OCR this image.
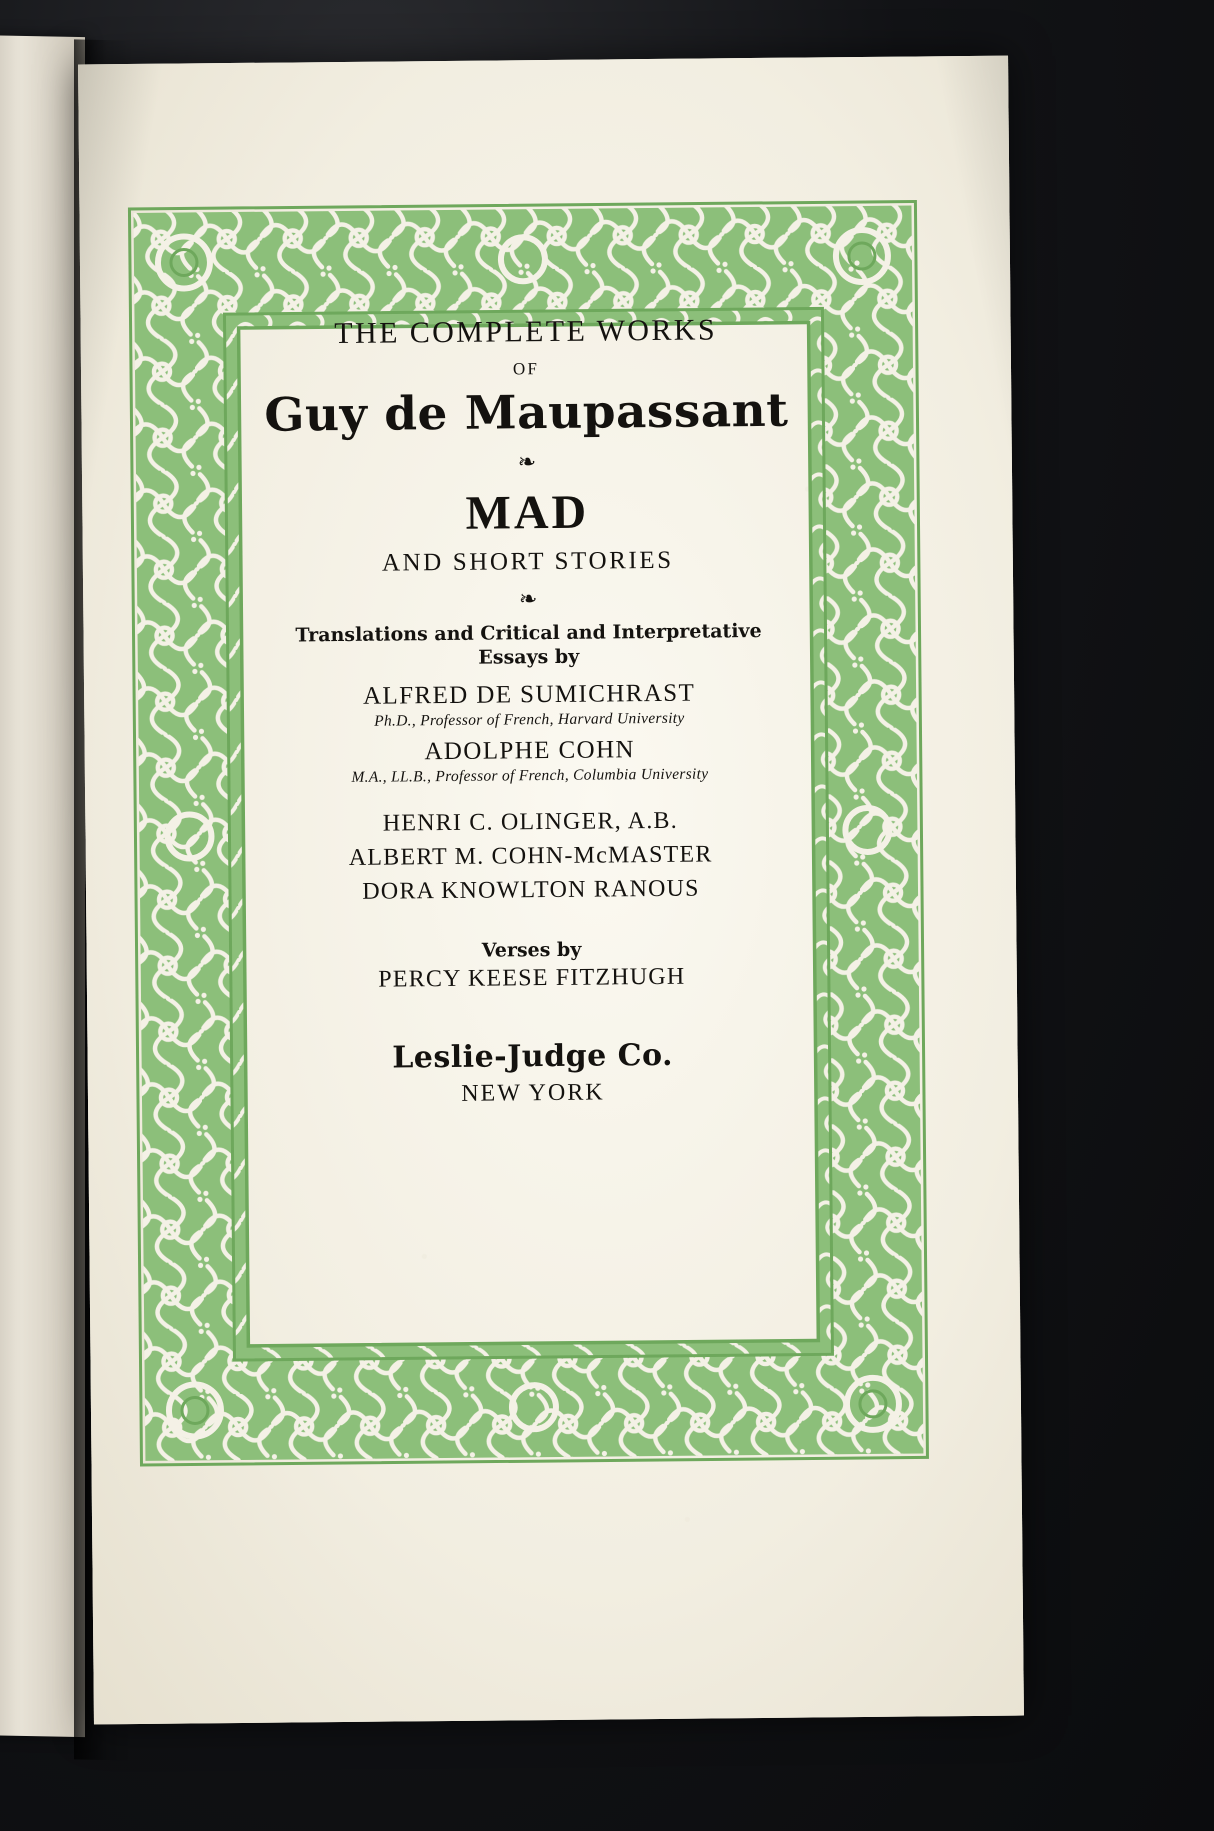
THE COMPLETE WORKS

OF

Guy de Maupassant

❧

MAD

AND SHORT STORIES

❧

Translations and Critical and Interpretative

Essays by

ALFRED DE SUMICHRAST

Ph.D., Professor of French, Harvard University

ADOLPHE COHN

M.A., LL.B., Professor of French, Columbia University

HENRI C. OLINGER, A.B.

ALBERT M. COHN-McMASTER

DORA KNOWLTON RANOUS

Verses by

PERCY KEESE FITZHUGH

Leslie-Judge Co.

NEW YORK
